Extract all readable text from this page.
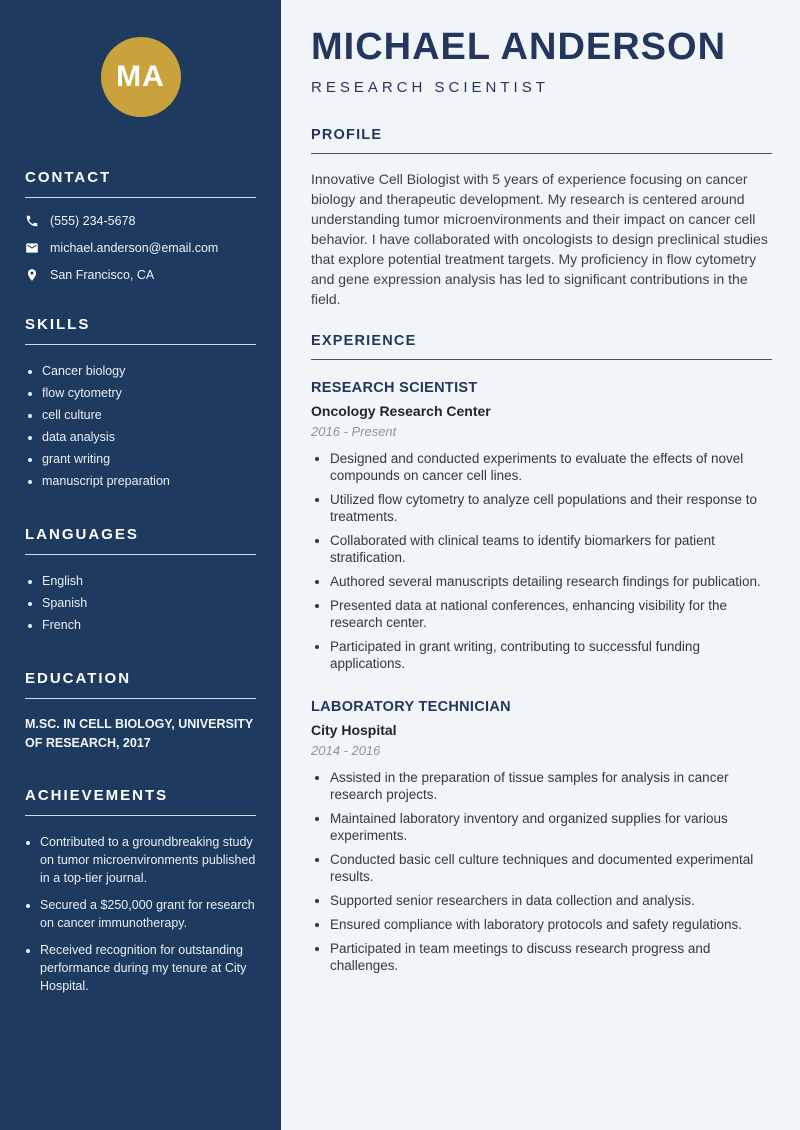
MA
CONTACT
(555) 234-5678
michael.anderson@email.com
San Francisco, CA
SKILLS
• Cancer biology
• flow cytometry
• cell culture
• data analysis
• grant writing
• manuscript preparation
LANGUAGES
• English
• Spanish
• French
EDUCATION

M.SC. IN CELL BIOLOGY, UNIVERSITY OF RESEARCH, 2017

ACHIEVEMENTS
• Contributed to a groundbreaking study on tumor microenvironments published in a top-tier journal.
• Secured a $250,000 grant for research on cancer immunotherapy.
• Received recognition for outstanding performance during my tenure at City Hospital.
MICHAEL ANDERSON
RESEARCH SCIENTIST
PROFILE

Innovative Cell Biologist with 5 years of experience focusing on cancer biology and therapeutic development. My research is centered around understanding tumor microenvironments and their impact on cancer cell behavior. I have collaborated with oncologists to design preclinical studies that explore potential treatment targets. My proficiency in flow cytometry and gene expression analysis has led to significant contributions in the field.

EXPERIENCE
RESEARCH SCIENTIST
Oncology Research Center
2016 - Present
• Designed and conducted experiments to evaluate the effects of novel compounds on cancer cell lines.
• Utilized flow cytometry to analyze cell populations and their response to treatments.
• Collaborated with clinical teams to identify biomarkers for patient stratification.
• Authored several manuscripts detailing research findings for publication.
• Presented data at national conferences, enhancing visibility for the research center.
• Participated in grant writing, contributing to successful funding applications.
LABORATORY TECHNICIAN
City Hospital
2014 - 2016
• Assisted in the preparation of tissue samples for analysis in cancer research projects.
• Maintained laboratory inventory and organized supplies for various experiments.
• Conducted basic cell culture techniques and documented experimental results.
• Supported senior researchers in data collection and analysis.
• Ensured compliance with laboratory protocols and safety regulations.
• Participated in team meetings to discuss research progress and challenges.
